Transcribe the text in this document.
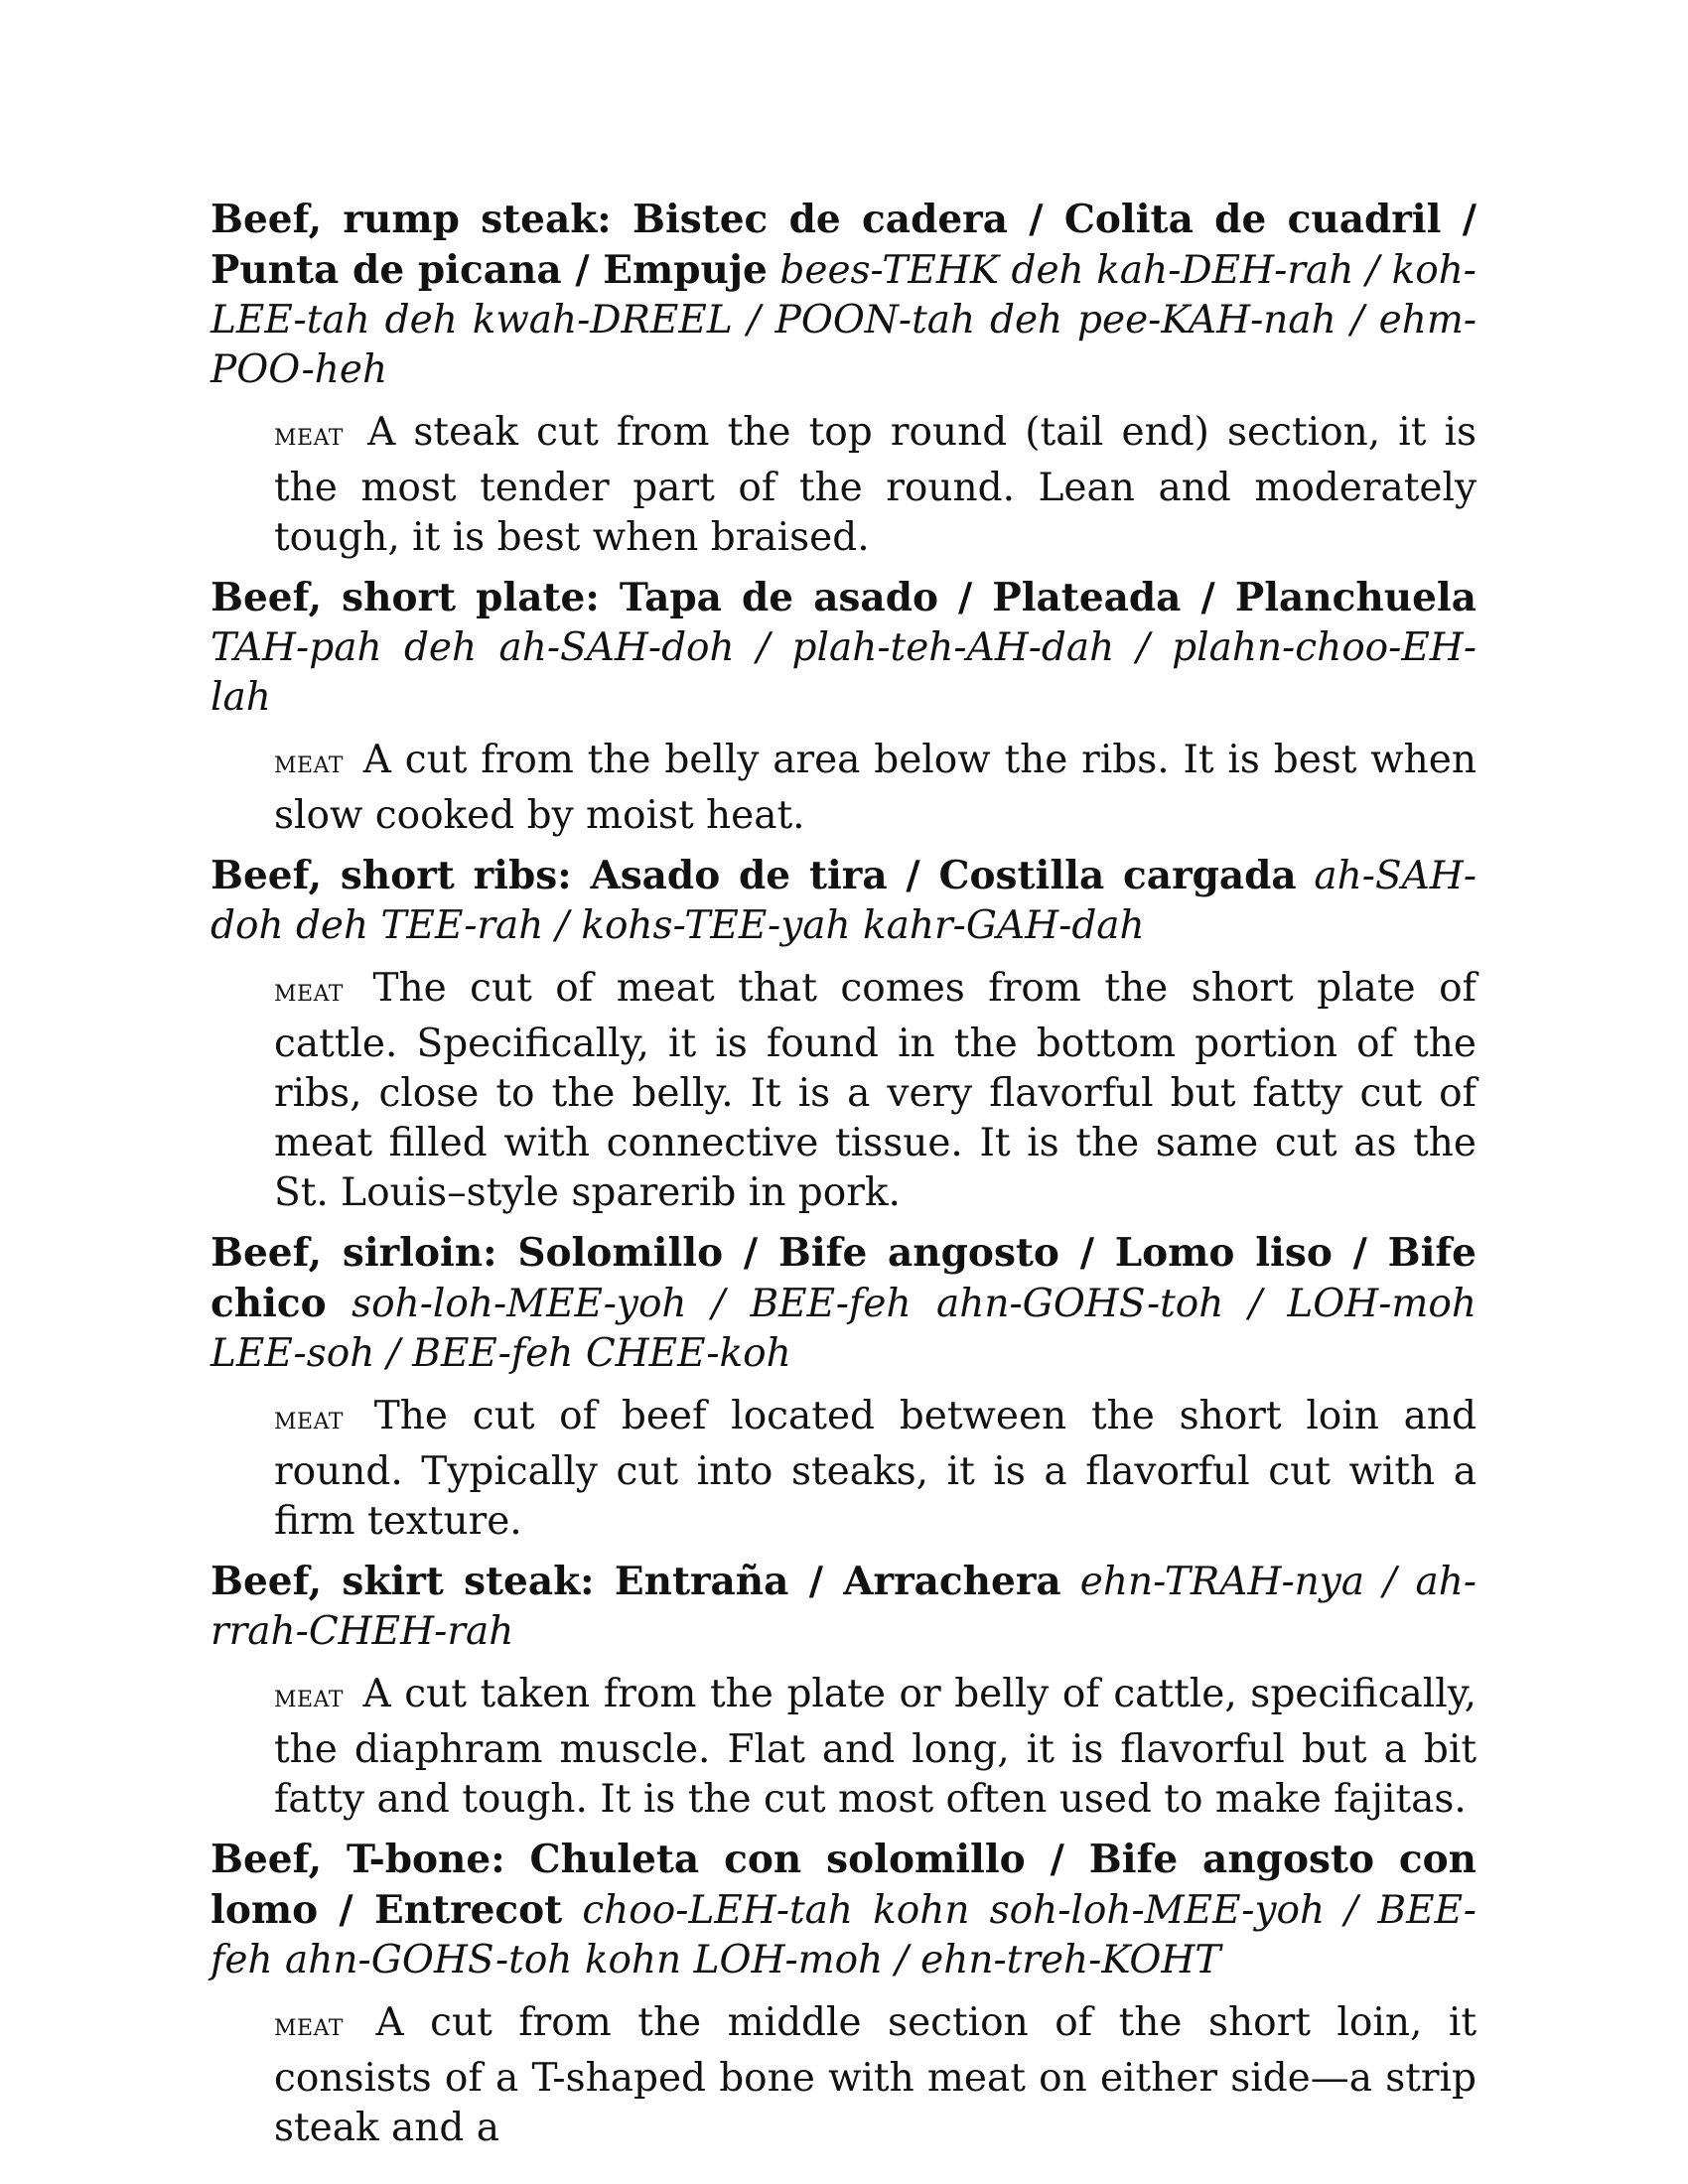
Beef, rump steak: Bistec de cadera / Colita de cuadril / Punta de picana / Empuje bees-TEHK deh kah-DEH-rah / koh-LEE-tah deh kwah-DREEL / POON-tah deh pee-KAH-nah / ehm-POO-heh

MEAT A steak cut from the top round (tail end) section, it is the most tender part of the round. Lean and moderately tough, it is best when braised.

Beef, short plate: Tapa de asado / Plateada / Planchuela TAH-pah deh ah-SAH-doh / plah-teh-AH-dah / plahn-choo-EH-lah

MEAT A cut from the belly area below the ribs. It is best when slow cooked by moist heat.

Beef, short ribs: Asado de tira / Costilla cargada ah-SAH-doh deh TEE-rah / kohs-TEE-yah kahr-GAH-dah

MEAT The cut of meat that comes from the short plate of cattle. Specifically, it is found in the bottom portion of the ribs, close to the belly. It is a very flavorful but fatty cut of meat filled with connective tissue. It is the same cut as the St. Louis–style sparerib in pork.

Beef, sirloin: Solomillo / Bife angosto / Lomo liso / Bife chico soh-loh-MEE-yoh / BEE-feh ahn-GOHS-toh / LOH-moh LEE-soh / BEE-feh CHEE-koh

MEAT The cut of beef located between the short loin and round. Typically cut into steaks, it is a flavorful cut with a firm texture.

Beef, skirt steak: Entraña / Arrachera ehn-TRAH-nya / ah-rrah-CHEH-rah

MEAT A cut taken from the plate or belly of cattle, specifically, the diaphram muscle. Flat and long, it is flavorful but a bit fatty and tough. It is the cut most often used to make fajitas.

Beef, T-bone: Chuleta con solomillo / Bife angosto con lomo / Entrecot choo-LEH-tah kohn soh-loh-MEE-yoh / BEE-feh ahn-GOHS-toh kohn LOH-moh / ehn-treh-KOHT

MEAT A cut from the middle section of the short loin, it consists of a T-shaped bone with meat on either side—a strip steak and a
